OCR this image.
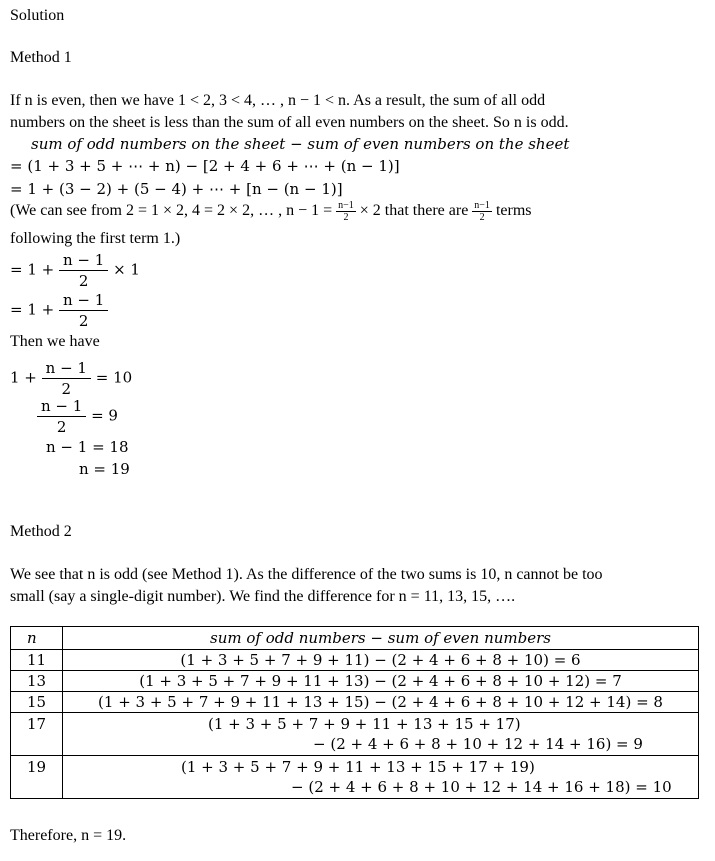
Solution
Method 1
If n is even, then we have 1 < 2, 3 < 4, … , n − 1 < n. As a result, the sum of all odd
numbers on the sheet is less than the sum of all even numbers on the sheet. So n is odd.
sum of odd numbers on the sheet − sum of even numbers on the sheet
= (1 + 3 + 5 + ⋯ + n) − [2 + 4 + 6 + ⋯ + (n − 1)]
= 1 + (3 − 2) + (5 − 4) + ⋯ + [n − (n − 1)]
(We can see from 2 = 1 × 2, 4 = 2 × 2, … , $n - 1 = \frac{n-1}{2} \times 2$ that there are $\frac{n-1}{2}$ terms
following the first term 1.)
= $1 + \frac{n - 1}{2} \times 1$
= $1 + \frac{n - 1}{2}$
Then we have
$1 + \frac{n - 1}{2} = 10$
$\frac{n - 1}{2} = 9$
n − 1 = 18
n = 19
Method 2
We see that n is odd (see Method 1). As the difference of the two sums is 10, n cannot be too
small (say a single-digit number). We find the difference for n = 11, 13, 15, ….
n	sum of odd numbers − sum of even numbers
11	(1 + 3 + 5 + 7 + 9 + 11) − (2 + 4 + 6 + 8 + 10) = 6
13	(1 + 3 + 5 + 7 + 9 + 11 + 13) − (2 + 4 + 6 + 8 + 10 + 12) = 7
15	(1 + 3 + 5 + 7 + 9 + 11 + 13 + 15) − (2 + 4 + 6 + 8 + 10 + 12 + 14) = 8
17	(1 + 3 + 5 + 7 + 9 + 11 + 13 + 15 + 17)
− (2 + 4 + 6 + 8 + 10 + 12 + 14 + 16) = 9

19	(1 + 3 + 5 + 7 + 9 + 11 + 13 + 15 + 17 + 19)
− (2 + 4 + 6 + 8 + 10 + 12 + 14 + 16 + 18) = 10
Therefore, n = 19.
